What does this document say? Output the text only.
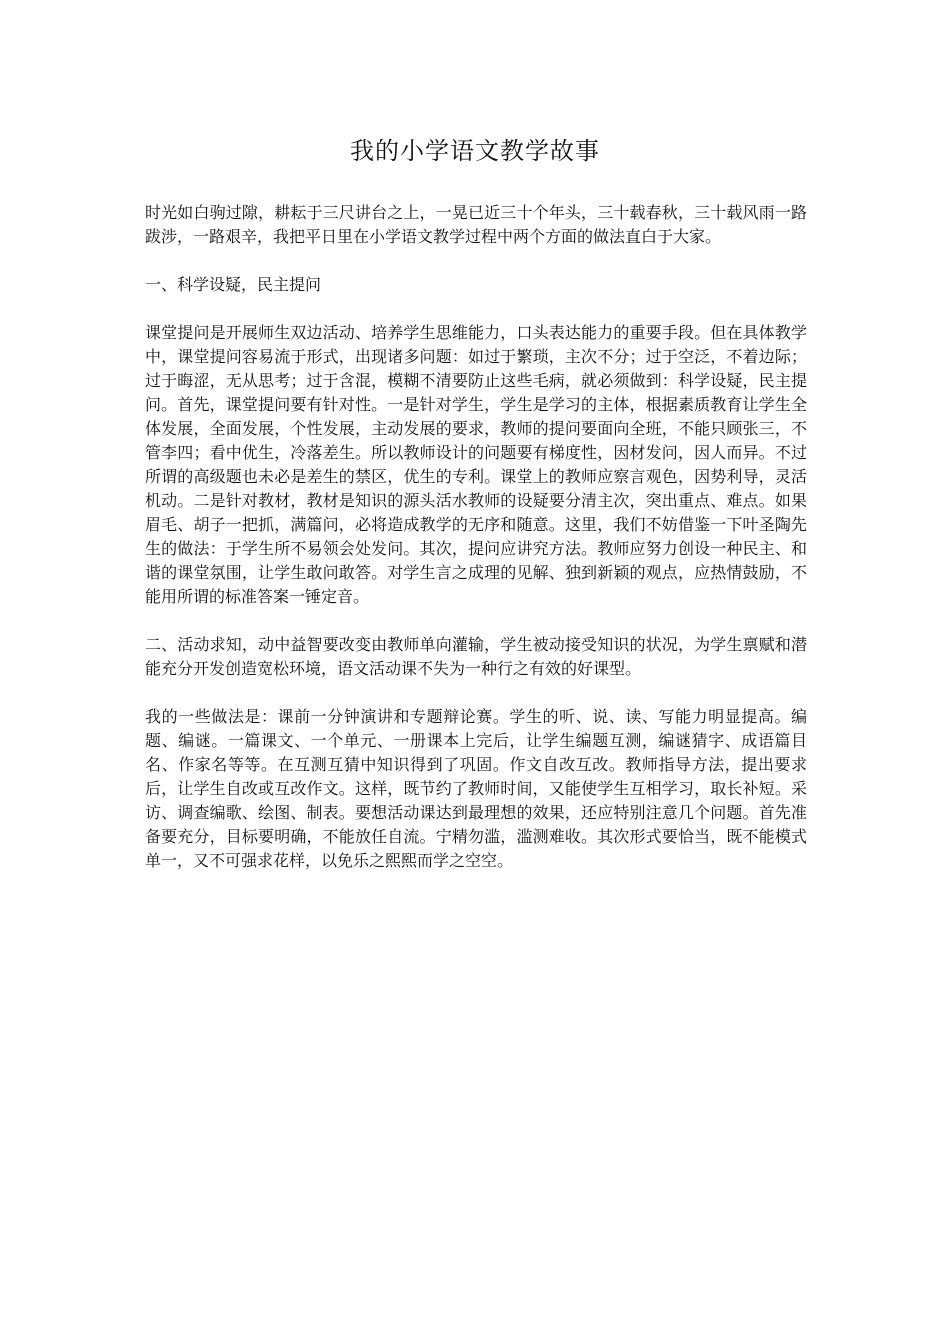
我的小学语文教学故事

时光如白驹过隙，耕耘于三尺讲台之上，一晃已近三十个年头，三十载春秋，三十载风雨一路跋涉，一路艰辛，我把平日里在小学语文教学过程中两个方面的做法直白于大家。

一、科学设疑，民主提问

课堂提问是开展师生双边活动、培养学生思维能力，口头表达能力的重要手段。但在具体教学中，课堂提问容易流于形式，出现诸多问题：如过于繁琐，主次不分；过于空泛，不着边际；过于晦涩，无从思考；过于含混，模糊不清要防止这些毛病，就必须做到：科学设疑，民主提问。首先，课堂提问要有针对性。一是针对学生，学生是学习的主体，根据素质教育让学生全体发展，全面发展，个性发展，主动发展的要求，教师的提问要面向全班，不能只顾张三，不管李四；看中优生，冷落差生。所以教师设计的问题要有梯度性，因材发问，因人而异。不过所谓的高级题也未必是差生的禁区，优生的专利。课堂上的教师应察言观色，因势利导，灵活机动。二是针对教材，教材是知识的源头活水教师的设疑要分清主次，突出重点、难点。如果眉毛、胡子一把抓，满篇问，必将造成教学的无序和随意。这里，我们不妨借鉴一下叶圣陶先生的做法：于学生所不易领会处发问。其次，提问应讲究方法。教师应努力创设一种民主、和谐的课堂氛围，让学生敢问敢答。对学生言之成理的见解、独到新颖的观点，应热情鼓励，不能用所谓的标准答案一锤定音。

二、活动求知，动中益智要改变由教师单向灌输，学生被动接受知识的状况，为学生禀赋和潜能充分开发创造宽松环境，语文活动课不失为一种行之有效的好课型。

我的一些做法是：课前一分钟演讲和专题辩论赛。学生的听、说、读、写能力明显提高。编题、编谜。一篇课文、一个单元、一册课本上完后，让学生编题互测，编谜猜字、成语篇目名、作家名等等。在互测互猜中知识得到了巩固。作文自改互改。教师指导方法，提出要求后，让学生自改或互改作文。这样，既节约了教师时间，又能使学生互相学习，取长补短。采访、调查编歌、绘图、制表。要想活动课达到最理想的效果，还应特别注意几个问题。首先准备要充分，目标要明确，不能放任自流。宁精勿滥，滥测难收。其次形式要恰当，既不能模式单一，又不可强求花样，以免乐之熙熙而学之空空。
